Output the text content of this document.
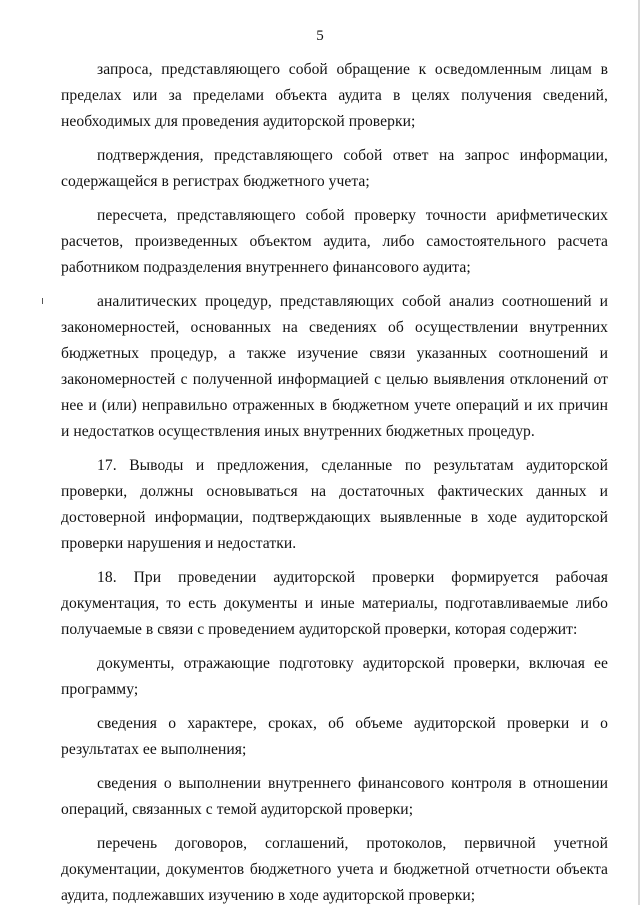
5

запроса, представляющего собой обращение к осведомленным лицам в пределах или за пределами объекта аудита в целях получения сведений, необходимых для проведения аудиторской проверки;

подтверждения, представляющего собой ответ на запрос информации, содержащейся в регистрах бюджетного учета;

пересчета, представляющего собой проверку точности арифметических расчетов, произведенных объектом аудита, либо самостоятельного расчета работником подразделения внутреннего финансового аудита;

аналитических процедур, представляющих собой анализ соотношений и закономерностей, основанных на сведениях об осуществлении внутренних бюджетных процедур, а также изучение связи указанных соотношений и закономерностей с полученной информацией с целью выявления отклонений от нее и (или) неправильно отраженных в бюджетном учете операций и их причин и недостатков осуществления иных внутренних бюджетных процедур.

17. Выводы и предложения, сделанные по результатам аудиторской проверки, должны основываться на достаточных фактических данных и достоверной информации, подтверждающих выявленные в ходе аудиторской проверки нарушения и недостатки.

18. При проведении аудиторской проверки формируется рабочая документация, то есть документы и иные материалы, подготавливаемые либо получаемые в связи с проведением аудиторской проверки, которая содержит:

документы, отражающие подготовку аудиторской проверки, включая ее программу;

сведения о характере, сроках, об объеме аудиторской проверки и о результатах ее выполнения;

сведения о выполнении внутреннего финансового контроля в отношении операций, связанных с темой аудиторской проверки;

перечень договоров, соглашений, протоколов, первичной учетной документации, документов бюджетного учета и бюджетной отчетности объекта аудита, подлежавших изучению в ходе аудиторской проверки;
